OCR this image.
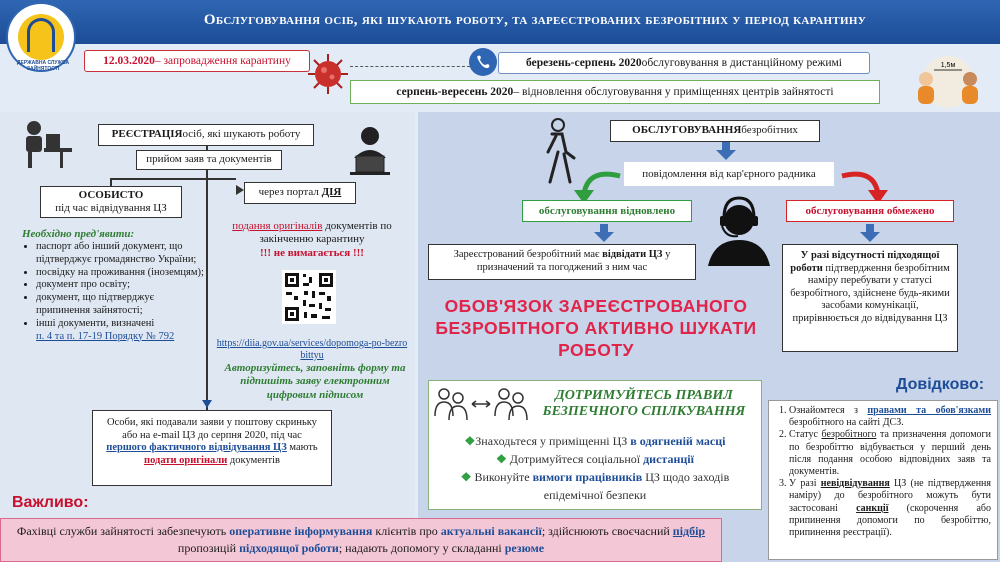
Обслуговування осіб, які шукають роботу, та зареєстрованих безробітних у період карантину
ДЕРЖАВНА СЛУЖБА ЗАЙНЯТОСТІ
12.03.2020 – запровадження карантину	березень-серпень 2020 обслуговування в дистанційному режимі
серпень-вересень 2020 – відновлення обслуговування у приміщеннях центрів зайнятості
1,5м
РЕЄСТРАЦІЯ осіб, які шукають роботу
прийом заяв та документів
ОСОБИСТО
під час відвідування ЦЗ
через портал
ДІЯ
Необхідно пред'явити:
• паспорт або інший документ, що підтверджує громадянство України;
• посвідку на проживання (іноземцям);
• документ про освіту;
• документ, що підтверджує припинення зайнятості;
• інші документи, визначені
п. 4 та п. 17-19 Порядку № 792
подання оригіналів документів по закінченню карантину
!!! не вимагається !!!
https://diia.gov.ua/services/dopomoga-po-bezrobittyu
Авторизуйтесь, заповніть форму та підпишіть заяву електронним цифровим підписом
Особи, які подавали заяви у поштову скриньку або на e-mail ЦЗ до серпня 2020, під час першого фактичного відвідування ЦЗ мають подати оригінали документів
ОБСЛУГОВУВАННЯ безробітних
повідомлення від кар'єрного радника
обслуговування відновлено	обслуговування обмежено
Зареєстрований безробітний має відвідати ЦЗ у призначений та погоджений з ним час
У разі відсутності підходящої роботи підтвердження безробітним наміру перебувати у статусі безробітного, здійснене будь-якими засобами комунікації, прирівнюється до відвідування ЦЗ
ОБОВ'ЯЗОК ЗАРЕЄСТРОВАНОГО БЕЗРОБІТНОГО АКТИВНО ШУКАТИ РОБОТУ
ДОТРИМУЙТЕСЬ ПРАВИЛ БЕЗПЕЧНОГО СПІЛКУВАННЯ
❖Знаходьтеся у приміщенні ЦЗ в одягненій масці
❖ Дотримуйтеся соціальної дистанції
❖ Виконуйте вимоги працівників ЦЗ щодо заходів епідемічної безпеки
Довідково:
1. Ознайомтеся з правами та обов'язками безробітного на сайті ДСЗ.
2. Статус безробітного та призначення допомоги по безробіттю відбувається у перший день після подання особою відповідних заяв та документів.
3. У разі невідвідування ЦЗ (не підтвердження наміру) до безробітного можуть бути застосовані санкції (скорочення або припинення допомоги по безробіттю, припинення реєстрації).
Важливо:
Фахівці служби зайнятості забезпечують оперативне інформування клієнтів про актуальні вакансії; здійснюють своєчасний підбір пропозицій підходящої роботи; надають допомогу у складанні резюме
